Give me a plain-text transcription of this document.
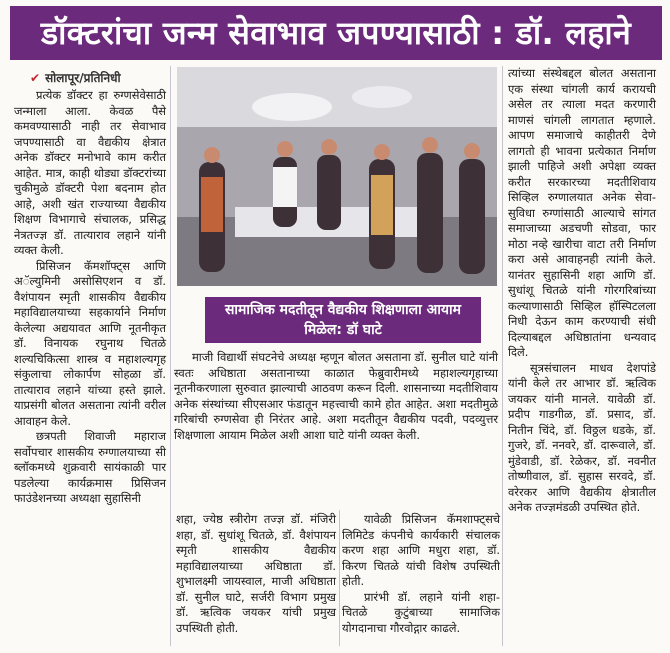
डॉक्टरांचा जन्म सेवाभाव जपण्यासाठी : डॉ. लहाने
✔ सोलापूर/प्रतिनिधी

प्रत्येक डॉक्टर हा रुग्णसेवेसाठी जन्माला आला. केवळ पैसे कमवण्यासाठी नाही तर सेवाभाव जपण्यासाठी वा वैद्यकीय क्षेत्रात अनेक डॉक्टर मनोभावे काम करीत आहेत. मात्र, काही थोड्या डॉक्टरांच्या चुकीमुळे डॉक्टरी पेशा बदनाम होत आहे, अशी खंत राज्याच्या वैद्यकीय शिक्षण विभागाचे संचालक, प्रसिद्ध नेत्रतज्ज्ञ डॉ. तात्याराव लहाने यांनी व्यक्त केली.

प्रिसिजन कॅमशॉफ्ट्स आणि अॅल्युमिनी असोसिएशन व डॉ. वैशंपायन स्मृती शासकीय वैद्यकीय महाविद्यालयाच्या सहकार्याने निर्माण केलेल्या अद्ययावत आणि नूतनीकृत डॉ. विनायक रघुनाथ चितळे शल्यचिकित्सा शास्त्र व महाशल्यगृह संकुलाचा लोकार्पण सोहळा डॉ. तात्याराव लहाने यांच्या हस्ते झाले. याप्रसंगी बोलत असताना त्यांनी वरील आवाहन केले.

छत्रपती शिवाजी महाराज सर्वोपचार शासकीय रुग्णालयाच्या सी ब्लॉकमध्ये शुक्रवारी सायंकाळी पार पडलेल्या कार्यक्रमास प्रिसिजन फाउंडेशनच्या अध्यक्षा सुहासिनी

सामाजिक मदतीतून वैद्यकीय शिक्षणाला आयाम मिळेल: डॉ घाटे

माजी विद्यार्थी संघटनेचे अध्यक्ष म्हणून बोलत असताना डॉ. सुनील घाटे यांनी स्वतः अधिष्ठाता असतानाच्या काळात फेब्रुवारीमध्ये महाशल्यगृहाच्या नूतनीकरणाला सुरुवात झाल्याची आठवण करून दिली. शासनाच्या मदतीशिवाय अनेक संस्थांच्या सीएसआर फंडातून महत्त्वाची कामे होत आहेत. अशा मदतीमुळे गरिबांची रुग्णसेवा ही निरंतर आहे. अशा मदतीतून वैद्यकीय पदवी, पदव्युत्तर शिक्षणाला आयाम मिळेल अशी आशा घाटे यांनी व्यक्त केली.

शहा, ज्येष्ठ स्त्रीरोग तज्ज्ञ डॉ. मंजिरी शहा, डॉ. सुधांशू चितळे, डॉ. वैशंपायन स्मृती शासकीय वैद्यकीय महाविद्यालयाच्या अधिष्ठाता डॉ. शुभालक्ष्मी जायस्वाल, माजी अधिष्ठाता डॉ. सुनील घाटे, सर्जरी विभाग प्रमुख डॉ. ऋत्विक जयकर यांची प्रमुख उपस्थिती होती.

यावेळी प्रिसिजन कॅमशाफ्ट्सचे लिमिटेड कंपनीचे कार्यकारी संचालक करण शहा आणि मधुरा शहा, डॉ. किरण चितळे यांची विशेष उपस्थिती होती.

प्रारंभी डॉ. लहाने यांनी शहा-चितळे कुटुंबाच्या सामाजिक योगदानाचा गौरवोद्गार काढले.

त्यांच्या संस्थेबद्दल बोलत असताना एक संस्था चांगली कार्य करायची असेल तर त्याला मदत करणारी माणसं चांगली लागतात म्हणाले. आपण समाजाचे काहीतरी देणे लागतो ही भावना प्रत्येकात निर्माण झाली पाहिजे अशी अपेक्षा व्यक्त करीत सरकारच्या मदतीशिवाय सिव्हिल रुग्णालयात अनेक सेवा-सुविधा रुग्णांसाठी आल्याचे सांगत समाजाच्या अडचणी सोडवा, फार मोठा नव्हे खारीचा वाटा तरी निर्माण करा असे आवाहनही त्यांनी केले. यानंतर सुहासिनी शहा आणि डॉ. सुधांशू चितळे यांनी गोरगरिबांच्या कल्याणासाठी सिव्हिल हॉस्पिटलला निधी देऊन काम करण्याची संधी दिल्याबद्दल अधिष्ठातांना धन्यवाद दिले.

सूत्रसंचालन माधव देशपांडे यांनी केले तर आभार डॉ. ऋत्विक जयकर यांनी मानले. यावेळी डॉ. प्रदीप गाडगीळ, डॉ. प्रसाद, डॉ. नितीन चिंदे, डॉ. विठ्ठल धडके, डॉ. गुजरे, डॉ. ननवरे, डॉ. दारूवाले, डॉ. मुंडेवाडी, डॉ. रेळेकर, डॉ. नवनीत तोष्णीवाल, डॉ. सुहास सरवदे, डॉ. वरेरकर आणि वैद्यकीय क्षेत्रातील अनेक तज्ज्ञमंडळी उपस्थित होते.
